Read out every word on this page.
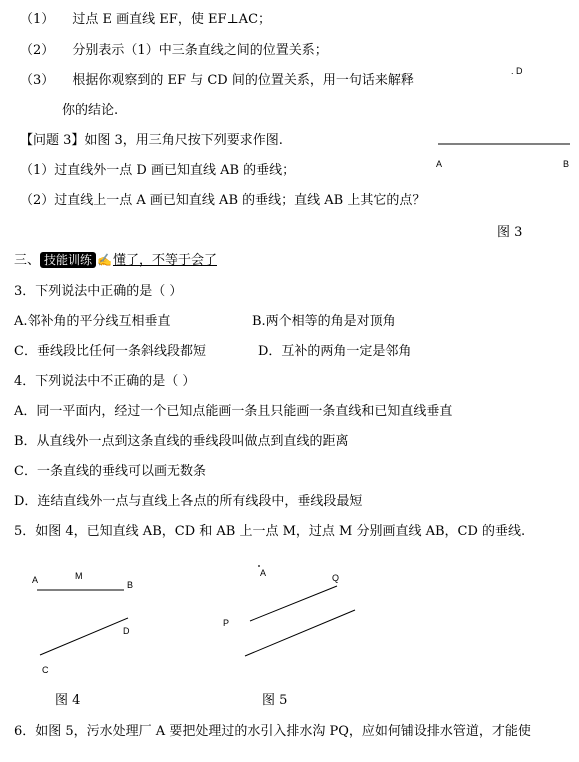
（1） 过点 E 画直线 EF，使 EF⊥AC；
（2） 分别表示（1）中三条直线之间的位置关系；
（3） 根据你观察到的 EF 与 CD 间的位置关系，用一句话来解释
你的结论.
【问题 3】如图 3，用三角尺按下列要求作图.
（1）过直线外一点 D 画已知直线 AB 的垂线；
（2）过直线上一点 A 画已知直线 AB 的垂线；直线 AB 上其它的点？
. D
A	B
图 3
三、 技能训练 ✍懂了，不等于会了
3．下列说法中正确的是（ ）
A.邻补角的平分线互相垂直	B.两个相等的角是对顶角
C．垂线段比任何一条斜线段都短	D．互补的两角一定是邻角
4．下列说法中不正确的是（ ）
A．同一平面内，经过一个已知点能画一条且只能画一条直线和已知直线垂直
B．从直线外一点到这条直线的垂线段叫做点到直线的距离
C．一条直线的垂线可以画无数条
D．连结直线外一点与直线上各点的所有线段中，垂线段最短
5．如图 4，已知直线 AB，CD 和 AB 上一点 M，过点 M 分别画直线 AB，CD 的垂线.
A	M
B
D
C
图 4
A	Q
P
图 5
6．如图 5，污水处理厂 A 要把处理过的水引入排水沟 PQ，应如何铺设排水管道，才能使
